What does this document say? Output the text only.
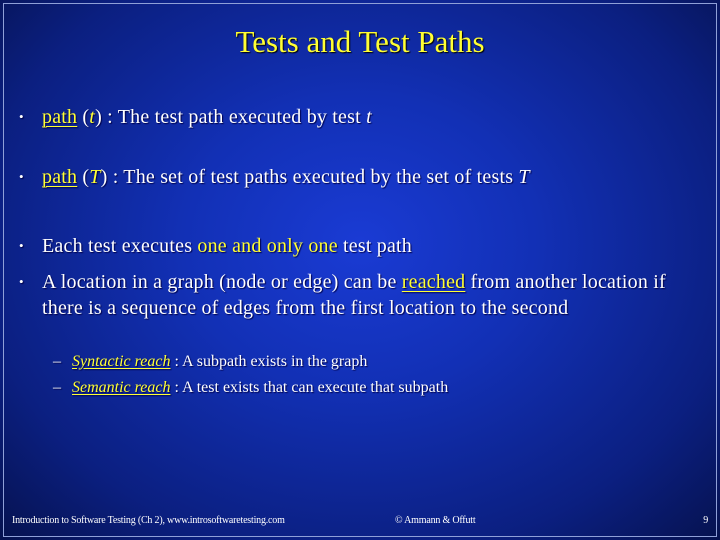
Tests and Test Paths
• path (t) : The test path executed by test t
• path (T) : The set of test paths executed by the set of tests T
• Each test executes one and only one test path
• A location in a graph (node or edge) can be reached from another location if there is a sequence of edges from the first location to the second
– Syntactic reach : A subpath exists in the graph
– Semantic reach : A test exists that can execute that subpath
Introduction to Software Testing (Ch 2), www.introsoftwaretesting.com	© Ammann & Offutt	9
